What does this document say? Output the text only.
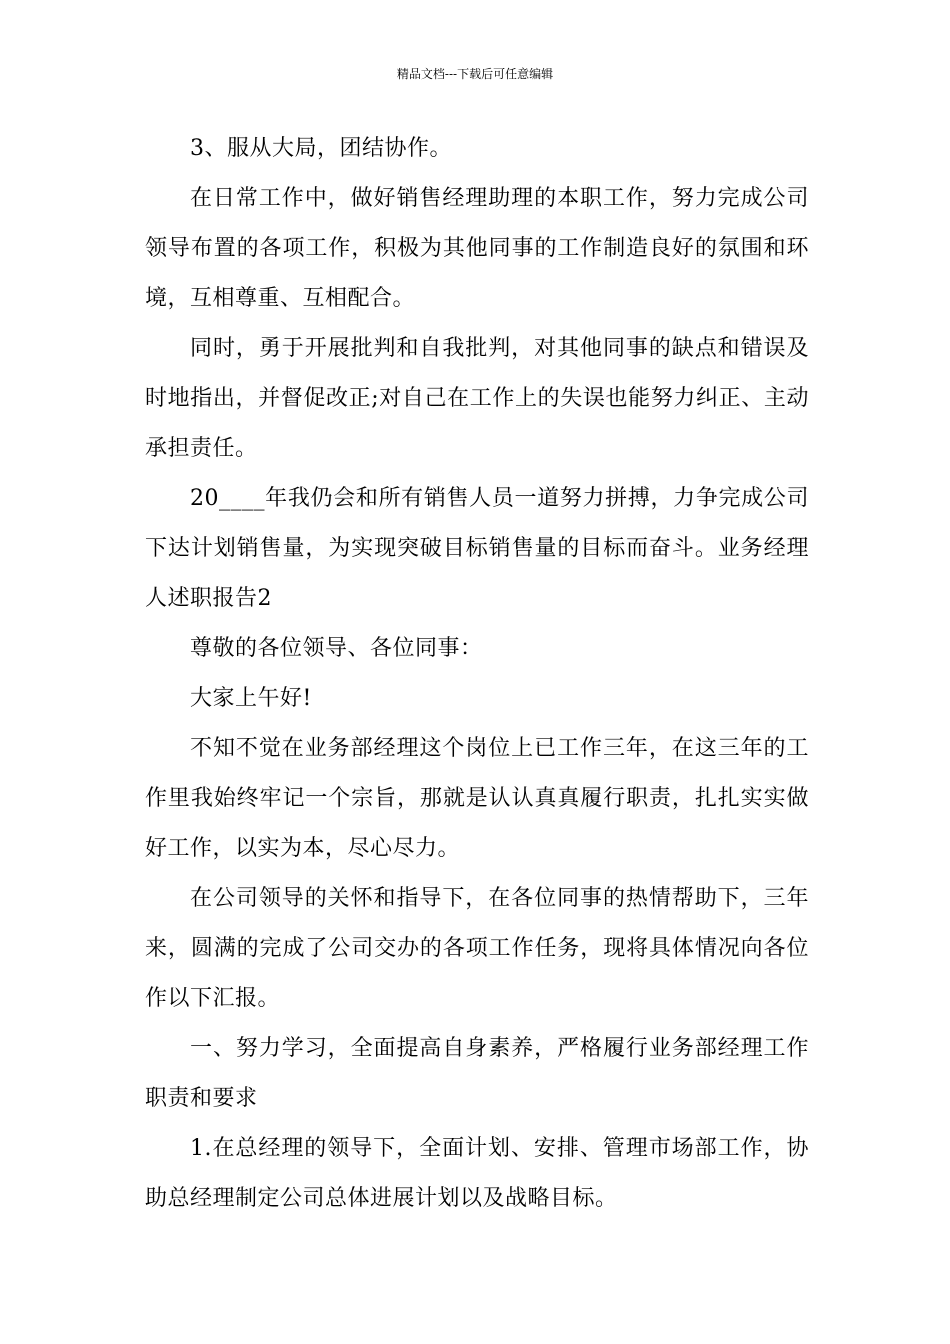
精品文档---下载后可任意编辑

3、服从大局，团结协作。

在日常工作中，做好销售经理助理的本职工作，努力完成公司领导布置的各项工作，积极为其他同事的工作制造良好的氛围和环境，互相尊重、互相配合。

同时，勇于开展批判和自我批判，对其他同事的缺点和错误及时地指出，并督促改正;对自己在工作上的失误也能努力纠正、主动承担责任。

20____年我仍会和所有销售人员一道努力拼搏，力争完成公司下达计划销售量，为实现突破目标销售量的目标而奋斗。业务经理人述职报告2

尊敬的各位领导、各位同事：

大家上午好!

不知不觉在业务部经理这个岗位上已工作三年，在这三年的工作里我始终牢记一个宗旨，那就是认认真真履行职责，扎扎实实做好工作，以实为本，尽心尽力。

在公司领导的关怀和指导下，在各位同事的热情帮助下，三年来，圆满的完成了公司交办的各项工作任务，现将具体情况向各位作以下汇报。

一、努力学习，全面提高自身素养，严格履行业务部经理工作职责和要求

1.在总经理的领导下，全面计划、安排、管理市场部工作，协助总经理制定公司总体进展计划以及战略目标。
